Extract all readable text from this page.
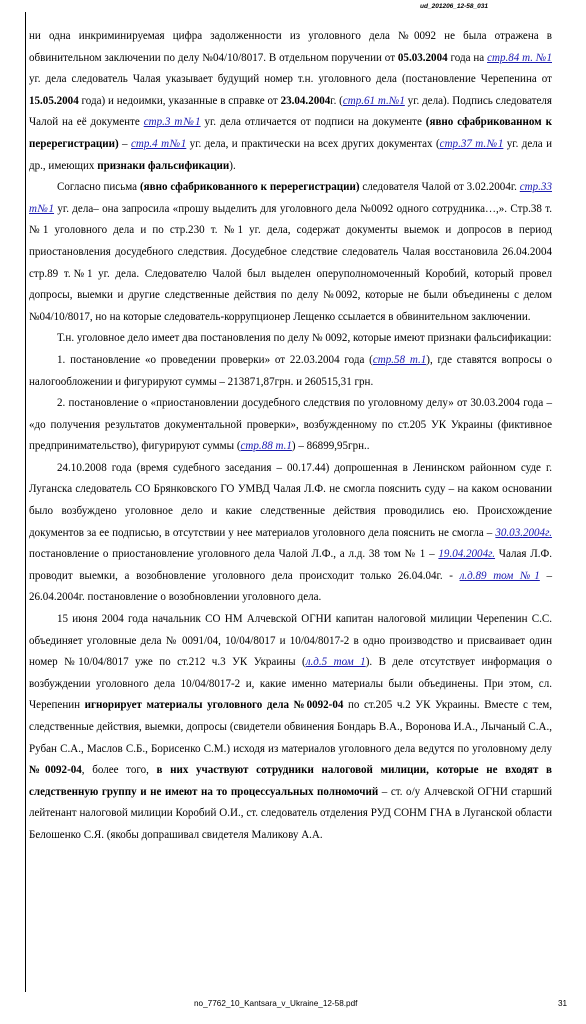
ud_201206_12-58_031

ни одна инкриминируемая цифра задолженности из уголовного дела №0092 не была отражена в обвинительном заключении по делу №04/10/8017. В отдельном поручении от 05.03.2004 года на стр.84 т. №1 уг. дела следователь Чалая указывает будущий номер т.н. уголовного дела (постановление Черепенина от 15.05.2004 года) и недоимки, указанные в справке от 23.04.2004г. (стр.61 т.№1 уг. дела). Подпись следователя Чалой на её документе стр.3 т№1 уг. дела отличается от подписи на документе (явно сфабрикованном к перерегистрации) – стр.4 т№1 уг. дела, и практически на всех других документах (стр.37 т.№1 уг. дела и др., имеющих признаки фальсификации).

Согласно письма (явно сфабрикованного к перерегистрации) следователя Чалой от 3.02.2004г. стр.33 т№1 уг. дела– она запросила «прошу выделить для уголовного дела №0092 одного сотрудника…,». Стр.38 т. №1 уголовного дела и по стр.230 т. №1 уг. дела, содержат документы выемок и допросов в период приостановления досудебного следствия. Досудебное следствие следователь Чалая восстановила 26.04.2004 стр.89 т.№1 уг. дела. Следователю Чалой был выделен оперуполномоченный Коробий, который провел допросы, выемки и другие следственные действия по делу №0092, которые не были объединены с делом №04/10/8017, но на которые следователь-коррупционер Лещенко ссылается в обвинительном заключении.

Т.н. уголовное дело имеет два постановления по делу № 0092, которые имеют признаки фальсификации:

1. постановление «о проведении проверки» от 22.03.2004 года (стр.58 т.1), где ставятся вопросы о налогообложении и фигурируют суммы – 213871,87грн. и 260515,31 грн.

2. постановление о «приостановлении досудебного следствия по уголовному делу» от 30.03.2004 года – «до получения результатов документальной проверки», возбужденному по ст.205 УК Украины (фиктивное предпринимательство), фигурируют суммы (стр.88 т.1) – 86899,95грн..

24.10.2008 года (время судебного заседания – 00.17.44) допрошенная в Ленинском районном суде г. Луганска следователь СО Брянковского ГО УМВД Чалая Л.Ф. не смогла пояснить суду – на каком основании было возбуждено уголовное дело и какие следственные действия проводились ею. Происхождение документов за ее подписью, в отсутствии у нее материалов уголовного дела пояснить не смогла – 30.03.2004г. постановление о приостановление уголовного дела Чалой Л.Ф., а л.д. 38 том № 1 – 19.04.2004г. Чалая Л.Ф. проводит выемки, а возобновление уголовного дела происходит только 26.04.04г. - л.д.89 том №1 – 26.04.2004г. постановление о возобновлении уголовного дела.

15 июня 2004 года начальник СО НМ Алчевской ОГНИ капитан налоговой милиции Черепенин С.С. объединяет уголовные дела № 0091/04, 10/04/8017 и 10/04/8017-2 в одно производство и присваивает один номер №10/04/8017 уже по ст.212 ч.3 УК Украины (л.д.5 том 1). В деле отсутствует информация о возбуждении уголовного дела 10/04/8017-2 и, какие именно материалы были объединены. При этом, сл. Черепенин игнорирует материалы уголовного дела №0092-04 по ст.205 ч.2 УК Украины. Вместе с тем, следственные действия, выемки, допросы (свидетели обвинения Бондарь В.А., Воронова И.А., Лычаный С.А., Рубан С.А., Маслов С.Б., Борисенко С.М.) исходя из материалов уголовного дела ведутся по уголовному делу №0092-04, более того, в них участвуют сотрудники налоговой милиции, которые не входят в следственную группу и не имеют на то процессуальных полномочий – ст. о/у Алчевской ОГНИ старший лейтенант налоговой милиции Коробий О.И., ст. следователь отделения РУД СОНМ ГНА в Луганской области Белошенко С.Я. (якобы допрашивал свидетеля Маликову А.А.

no_7762_10_Kantsara_v_Ukraine_12-58.pdf	31
